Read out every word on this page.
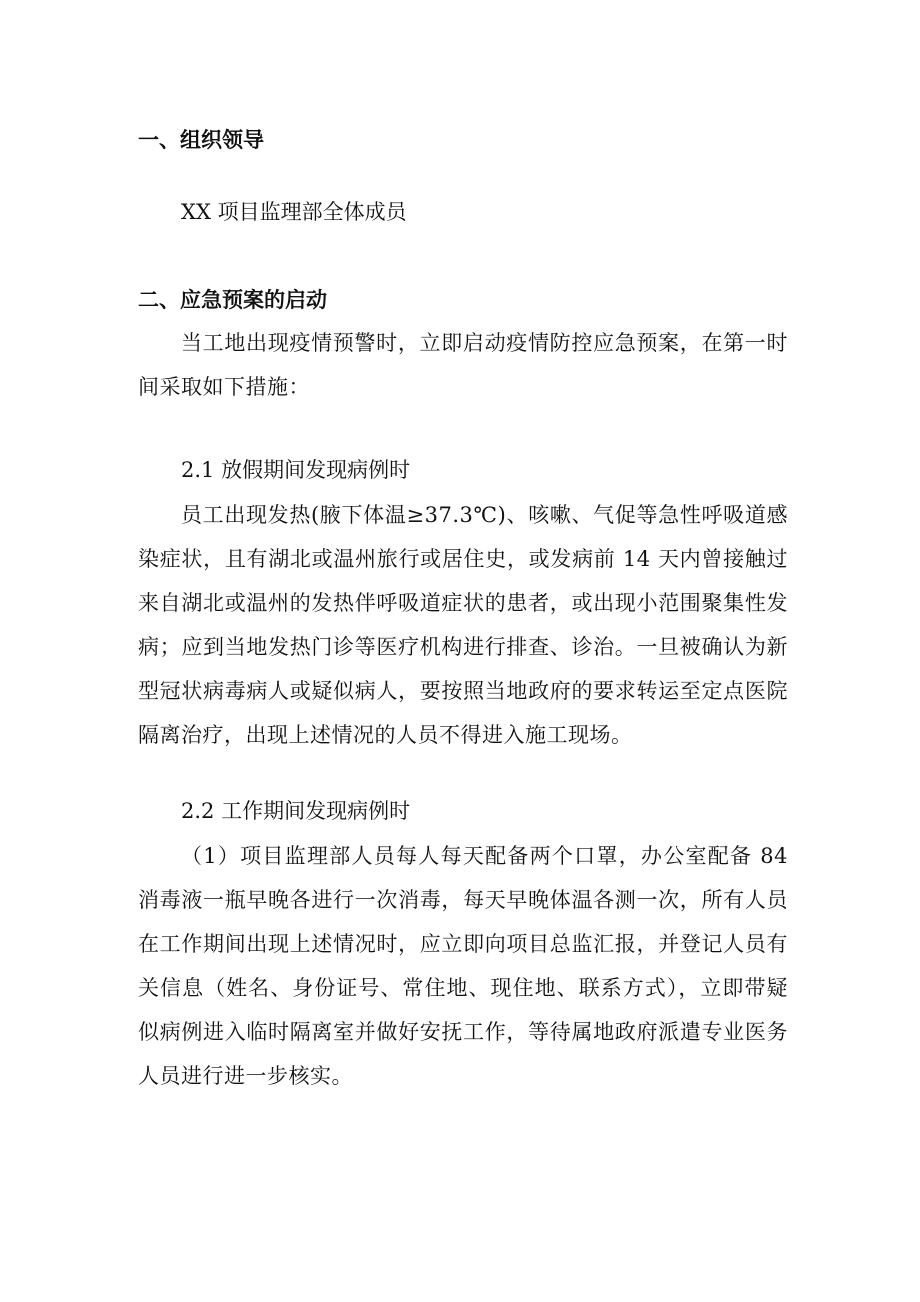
一、组织领导

XX 项目监理部全体成员

二、应急预案的启动

当工地出现疫情预警时，立即启动疫情防控应急预案，在第一时间采取如下措施：

2.1 放假期间发现病例时

员工出现发热(腋下体温≥37.3℃)、咳嗽、气促等急性呼吸道感染症状，且有湖北或温州旅行或居住史，或发病前 14 天内曾接触过来自湖北或温州的发热伴呼吸道症状的患者，或出现小范围聚集性发病；应到当地发热门诊等医疗机构进行排查、诊治。一旦被确认为新型冠状病毒病人或疑似病人，要按照当地政府的要求转运至定点医院隔离治疗，出现上述情况的人员不得进入施工现场。

2.2 工作期间发现病例时

（1）项目监理部人员每人每天配备两个口罩，办公室配备 84 消毒液一瓶早晚各进行一次消毒，每天早晚体温各测一次，所有人员在工作期间出现上述情况时，应立即向项目总监汇报，并登记人员有关信息（姓名、身份证号、常住地、现住地、联系方式），立即带疑似病例进入临时隔离室并做好安抚工作，等待属地政府派遣专业医务人员进行进一步核实。
